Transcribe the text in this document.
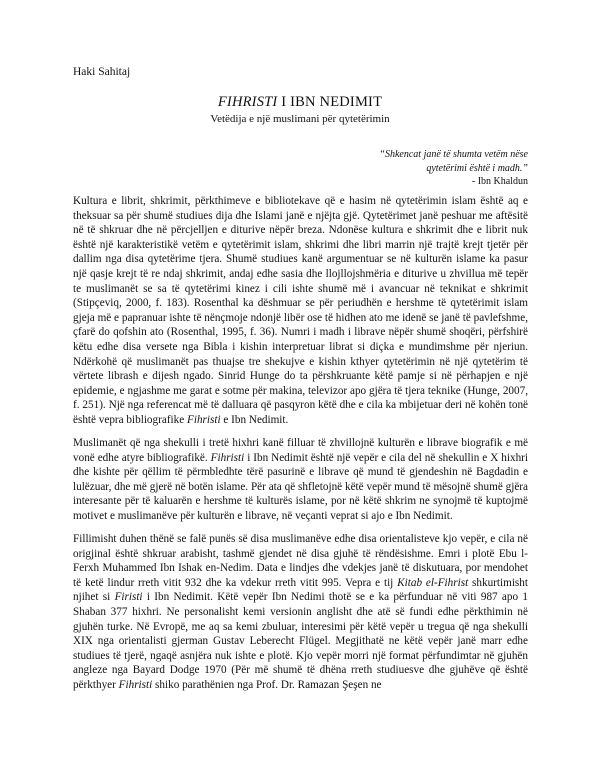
Haki Sahitaj
FIHRISTI I IBN NEDIMIT
Vetëdija e një muslimani për qytetërimin
“Shkencat janë të shumta vetëm nëse
qytetërimi është i madh.”
- Ibn Khaldun

Kultura e librit, shkrimit, përkthimeve e bibliotekave që e hasim në qytetërimin islam është aq e theksuar sa për shumë studiues dija dhe Islami janë e njëjta gjë. Qytetërimet janë peshuar me aftësitë në të shkruar dhe në përcjelljen e diturive nëpër breza. Ndonëse kultura e shkrimit dhe e librit nuk është një karakteristikë vetëm e qytetërimit islam, shkrimi dhe libri marrin një trajtë krejt tjetër për dallim nga disa qytetërime tjera. Shumë studiues kanë argumentuar se në kulturën islame ka pasur një qasje krejt të re ndaj shkrimit, andaj edhe sasia dhe llojllojshmëria e diturive u zhvillua më tepër te muslimanët se sa të qytetërimi kinez i cili ishte shumë më i avancuar në teknikat e shkrimit (Stipçeviq, 2000, f. 183). Rosenthal ka dëshmuar se për periudhën e hershme të qytetërimit islam gjeja më e papranuar ishte të nënçmoje ndonjë libër ose të hidhen ato me idenë se janë të pavlefshme, çfarë do qofshin ato (Rosenthal, 1995, f. 36). Numri i madh i librave nëpër shumë shoqëri, përfshirë këtu edhe disa versete nga Bibla i kishin interpretuar librat si diçka e mundimshme për njeriun. Ndërkohë që muslimanët pas thuajse tre shekujve e kishin kthyer qytetërimin në një qytetërim të vërtete librash e dijesh ngado. Sinrid Hunge do ta përshkruante këtë pamje si në përhapjen e një epidemie, e ngjashme me garat e sotme për makina, televizor apo gjëra të tjera teknike (Hunge, 2007, f. 251). Një nga referencat më të dalluara që pasqyron këtë dhe e cila ka mbijetuar deri në kohën tonë është vepra bibliografike Fihristi e Ibn Nedimit.

Muslimanët që nga shekulli i tretë hixhri kanë filluar të zhvillojnë kulturën e librave biografik e më vonë edhe atyre bibliografikë. Fihristi i Ibn Nedimit është një vepër e cila del në shekullin e X hixhri dhe kishte për qëllim të përmbledhte tërë pasurinë e librave që mund të gjendeshin në Bagdadin e lulëzuar, dhe më gjerë në botën islame. Për ata që shfletojnë këtë vepër mund të mësojnë shumë gjëra interesante për të kaluarën e hershme të kulturës islame, por në këtë shkrim ne synojmë të kuptojmë motivet e muslimanëve për kulturën e librave, në veçanti veprat si ajo e Ibn Nedimit.

Fillimisht duhen thënë se falë punës së disa muslimanëve edhe disa orientalisteve kjo vepër, e cila në origjinal është shkruar arabisht, tashmë gjendet në disa gjuhë të rëndësishme. Emri i plotë Ebu l-Ferxh Muhammed Ibn Ishak en-Nedim. Data e lindjes dhe vdekjes janë të diskutuara, por mendohet të ketë lindur rreth vitit 932 dhe ka vdekur rreth vitit 995. Vepra e tij Kitab el-Fihrist shkurtimisht njihet si Firisti i Ibn Nedimit. Këtë vepër Ibn Nedimi thotë se e ka përfunduar në viti 987 apo 1 Shaban 377 hixhri. Ne personalisht kemi versionin anglisht dhe atë së fundi edhe përkthimin në gjuhën turke. Në Evropë, me aq sa kemi zbuluar, interesimi për këtë vepër u tregua që nga shekulli XIX nga orientalisti gjerman Gustav Leberecht Flügel. Megjithatë ne këtë vepër janë marr edhe studiues të tjerë, ngaqë asnjëra nuk ishte e plotë. Kjo vepër morri një format përfundimtar në gjuhën angleze nga Bayard Dodge 1970 (Për më shumë të dhëna rreth studiuesve dhe gjuhëve që është përkthyer Fihristi shiko parathënien nga Prof. Dr. Ramazan Şeşen ne
